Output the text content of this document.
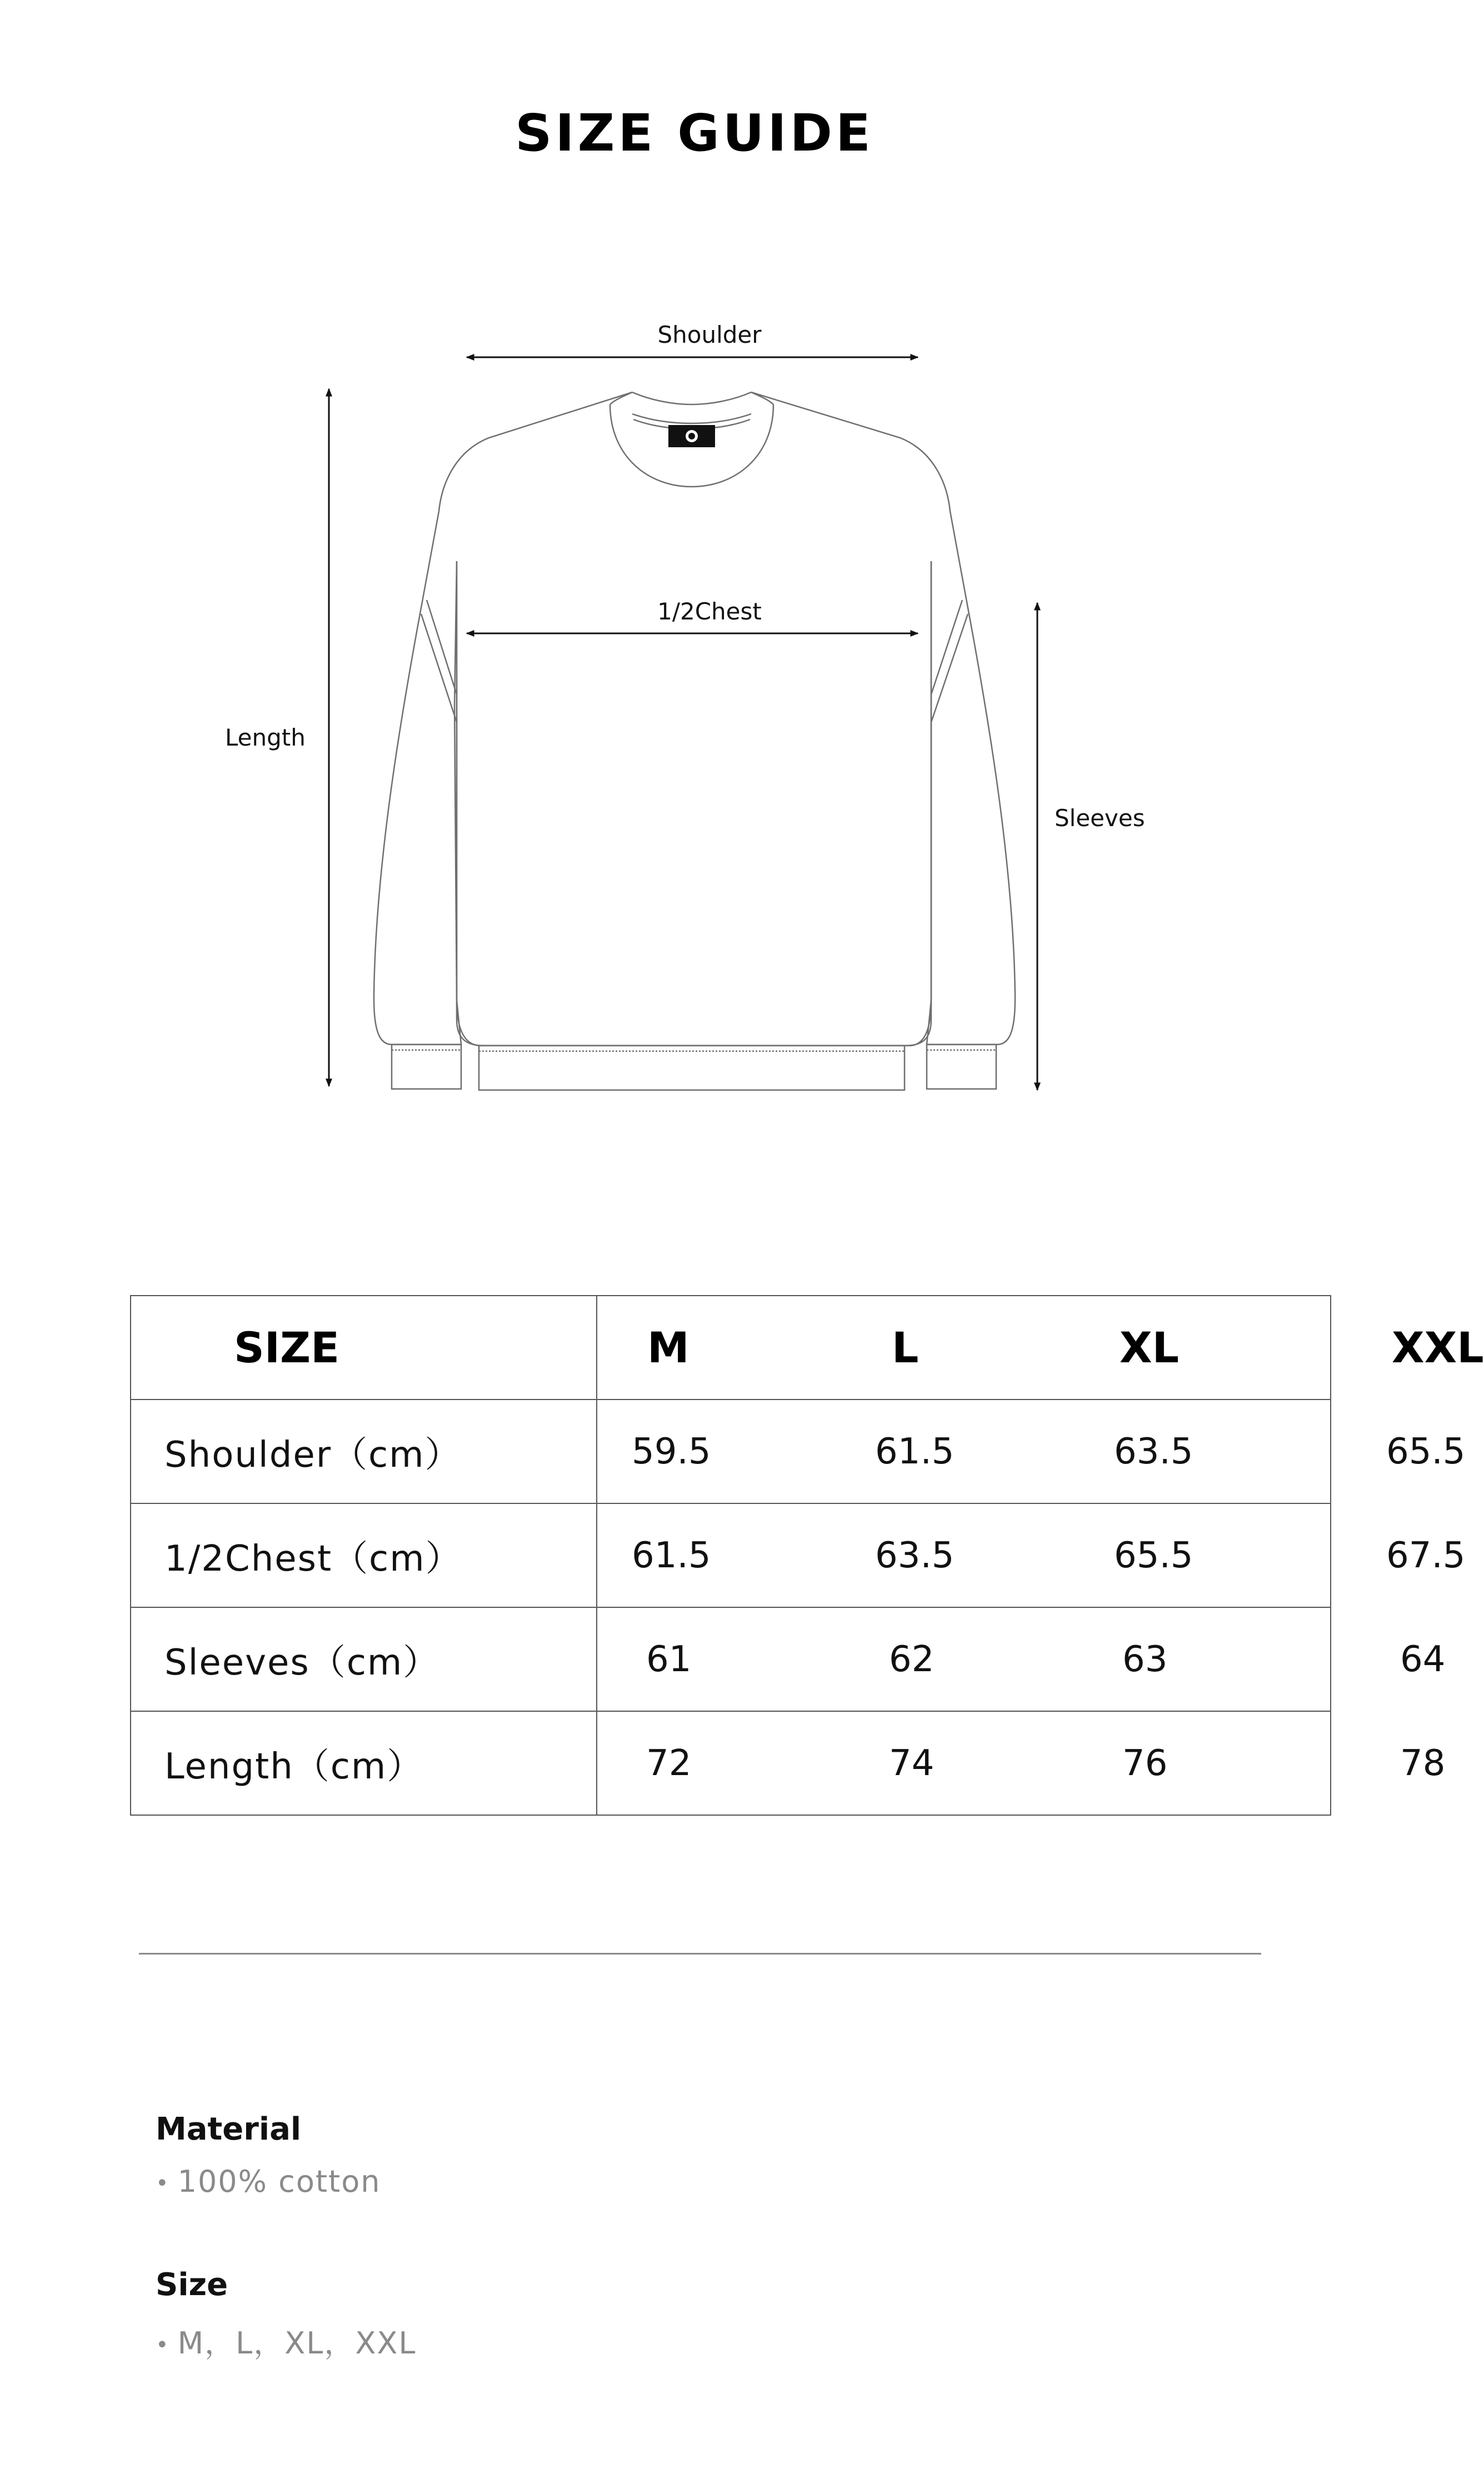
SIZE GUIDE
Shoulder
1/2Chest
Length
Sleeves
SIZE	M	L	XL	XXL
Shoulder（cm）	59.5	61.5	63.5	65.5
1/2Chest（cm）	61.5	63.5	65.5	67.5
Sleeves（cm）	61	62	63	64
Length（cm）	72	74	76	78
Material
• 100% cotton
Size
• M，L，XL，XXL
